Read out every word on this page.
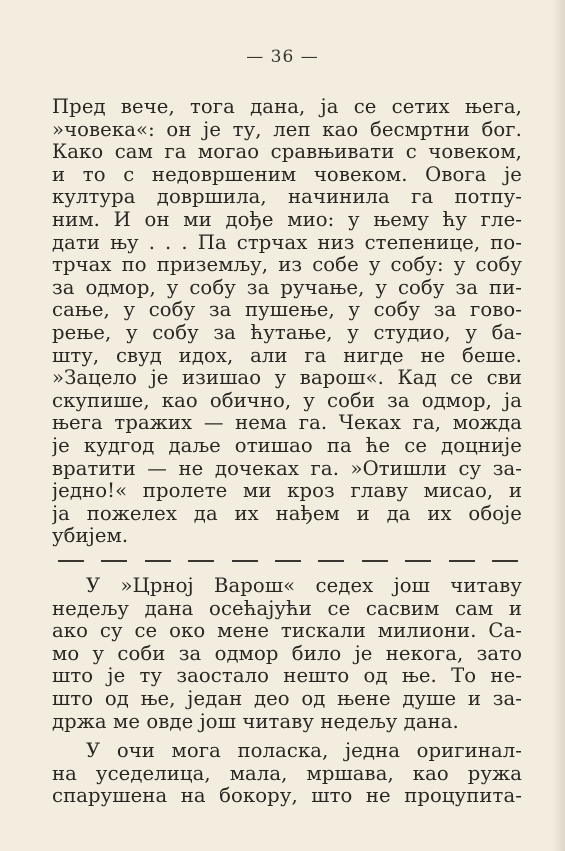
— 36 —
Пред вече, тога дана, ја се сетих њега,
»човека«: он је ту, леп као бесмртни бог.
Како сам га могао сравњивати с човеком,
и то с недовршеним човеком. Овога је
култура довршила, начинила га потпу-
ним. И он ми дође мио: у њему ћу гле-
дати њу . . . Па стрчах низ степенице, по-
трчах по приземљу, из собе у собу: у собу
за одмор, у собу за ручање, у собу за пи-
сање, у собу за пушење, у собу за гово-
рење, у собу за ћутање, у студио, у ба-
шту, свуд идох, али га нигде не беше.
»Зацело је изишао у варош«. Кад се сви
скупише, као обично, у соби за одмор, ја
њега тражих — нема га. Чеках га, можда
је кудгод даље отишао па ће се доцније
вратити — не дочеках га. »Отишли су за-
једно!« пролете ми кроз главу мисао, и
ја пожелех да их нађем и да их обоје
убијем.
У »Црној Варош« седех још читаву
недељу дана осећајући се сасвим сам и
ако су се око мене тискали милиони. Са-
мо у соби за одмор било је некога, зато
што је ту заостало нешто од ње. То не-
што од ње, један део од њене душе и за-
држа ме овде још читаву недељу дана.
У очи мога поласка, једна оригинал-
на уседелица, мала, мршава, као ружа
спарушена на бокору, што не процупита-
